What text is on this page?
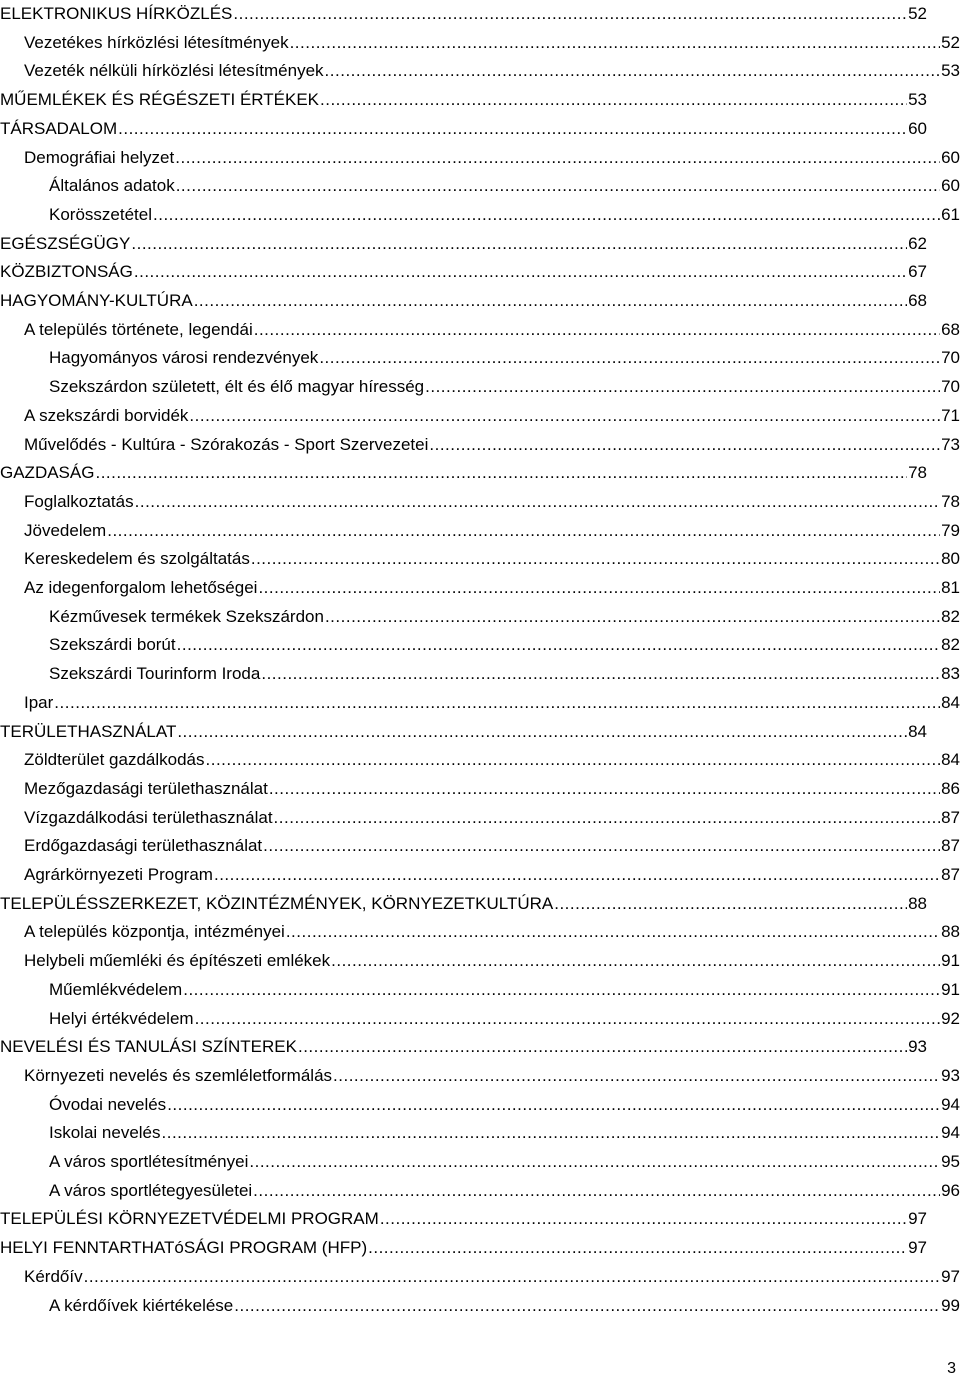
ELEKTRONIKUS HÍRKÖZLÉS .....	52
Vezetékes hírközlési létesítmények .....	52
Vezeték nélküli hírközlési létesítmények .....	53
MŰEMLÉKEK ÉS RÉGÉSZETI ÉRTÉKEK .....	53
TÁRSADALOM .....	60
Demográfiai helyzet .....	60
Általános adatok .....	60
Korösszetétel .....	61
EGÉSZSÉGÜGY .....	62
KÖZBIZTONSÁG .....	67
HAGYOMÁNY-KULTÚRA .....	68
A település története, legendái .....	68
Hagyományos városi rendezvények .....	70
Szekszárdon született, élt és élő magyar híresség .....	70
A szekszárdi borvidék .....	71
Művelődés - Kultúra - Szórakozás - Sport Szervezetei .....	73
GAZDASÁG .....	78
Foglalkoztatás .....	78
Jövedelem .....	79
Kereskedelem és szolgáltatás .....	80
Az idegenforgalom lehetőségei .....	81
Kézművesek termékek Szekszárdon .....	82
Szekszárdi borút .....	82
Szekszárdi Tourinform Iroda .....	83
Ipar .....	84
TERÜLETHASZNÁLAT .....	84
Zöldterület gazdálkodás .....	84
Mezőgazdasági területhasználat .....	86
Vízgazdálkodási területhasználat .....	87
Erdőgazdasági területhasználat .....	87
Agrárkörnyezeti Program .....	87
TELEPÜLÉSSZERKEZET, KÖZINTÉZMÉNYEK, KÖRNYEZETKULTÚRA .....	88
A település központja, intézményei .....	88
Helybeli műemléki és építészeti emlékek .....	91
Műemlékvédelem .....	91
Helyi értékvédelem .....	92
NEVELÉSI ÉS TANULÁSI SZÍNTEREK .....	93
Környezeti nevelés és szemléletformálás .....	93
Óvodai nevelés .....	94
Iskolai nevelés .....	94
A város sportlétesítményei .....	95
A város sportlétegyesületei .....	96
TELEPÜLÉSI KÖRNYEZETVÉDELMI PROGRAM .....	97
HELYI FENNTARTHATóSÁGI PROGRAM (HFP) .....	97
Kérdőív .....	97
A kérdőívek kiértékelése .....	99
3
